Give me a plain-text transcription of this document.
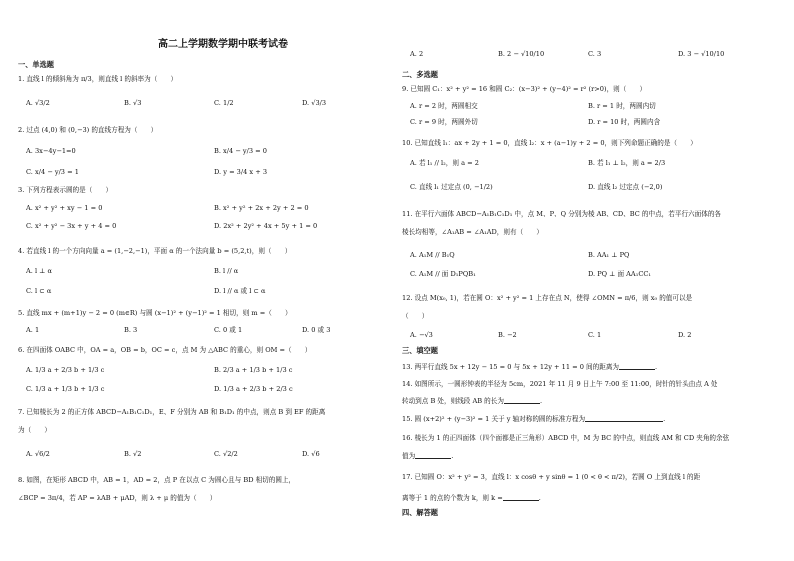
高二上学期数学期中联考试卷
一、单选题
1. 直线 l 的倾斜角为 π/3，则直线 l 的斜率为（　　）
A. √3/2	B. √3	C. 1/2	D. √3/3
2. 过点 (4,0) 和 (0,−3) 的直线方程为（　　）
A. 3x−4y−1=0	B. x/4 − y/3 = 0
C. x/4 − y/3 = 1	D. y = 3/4 x + 3
3. 下列方程表示圆的是（　　）
A. x² + y² + xy − 1 = 0	B. x² + y² + 2x + 2y + 2 = 0
C. x² + y² − 3x + y + 4 = 0	D. 2x² + 2y² + 4x + 5y + 1 = 0
4. 若直线 l 的一个方向向量 a = (1,−2,−1)，平面 α 的一个法向量 b = (5,2,t)，则（　　）
A. l ⊥ α	B. l // α
C. l ⊂ α	D. l // α 或 l ⊂ α
5. 直线 mx + (m+1)y − 2 = 0 (m∈R) 与圆 (x−1)² + (y−1)² = 1 相切，则 m =（　　）
A. 1	B. 3	C. 0 或 1	D. 0 或 3
6. 在四面体 OABC 中，OA = a，OB = b，OC = c，点 M 为 △ABC 的重心，则 OM =（　　）
A. 1/3 a + 2/3 b + 1/3 c	B. 2/3 a + 1/3 b + 1/3 c
C. 1/3 a + 1/3 b + 1/3 c	D. 1/3 a + 2/3 b + 2/3 c
7. 已知棱长为 2 的正方体 ABCD−A₁B₁C₁D₁，E、F 分别为 AB 和 B₁D₁ 的中点，则点 B 到 EF 的距离
为（　　）
A. √6/2	B. √2	C. √2/2	D. √6
8. 如图，在矩形 ABCD 中，AB = 1，AD = 2，点 P 在以点 C 为圆心且与 BD 相切的圆上，
∠BCP = 3π/4，若 AP = λAB + μAD，则 λ + μ 的值为（　　）
A. 2	B. 2 − √10/10	C. 3	D. 3 − √10/10
二、多选题
9. 已知圆 C₁：x² + y² = 16 和圆 C₂：(x−3)² + (y−4)² = r² (r>0)，则（　　）
A. r = 2 时，两圆相交	B. r = 1 时，两圆内切
C. r = 9 时，两圆外切	D. r = 10 时，两圆内含
10. 已知直线 l₁：ax + 2y + 1 = 0，直线 l₂：x + (a−1)y + 2 = 0，则下列命题正确的是（　　）
A. 若 l₁ // l₂，则 a = 2	B. 若 l₁ ⊥ l₂，则 a = 2/3
C. 直线 l₁ 过定点 (0, −1/2)	D. 直线 l₂ 过定点 (−2,0)
11. 在平行六面体 ABCD−A₁B₁C₁D₁ 中，点 M、P、Q 分别为棱 AB、CD、BC 的中点，若平行六面体的各
棱长均相等，∠A₁AB = ∠A₁AD，则有（　　）
A. A₁M // B₁Q	B. AA₁ ⊥ PQ
C. A₁M // 面 D₁PQB₁	D. PQ ⊥ 面 AA₁CC₁
12. 设点 M(x₀, 1)，若在圆 O：x² + y² = 1 上存在点 N，使得 ∠OMN = π/6，则 x₀ 的值可以是
（　　）
A. −√3	B. −2	C. 1	D. 2
三、填空题
13. 两平行直线 5x + 12y − 15 = 0 与 5x + 12y + 11 = 0 间的距离为	.
14. 如图所示，一圆形钟表的半径为 5cm，2021 年 11 月 9 日上午 7:00 至 11:00，时针的针头由点 A 处
转动到点 B 处，则线段 AB 的长为	.
15. 圆 (x+2)² + (y−3)² = 1 关于 y 轴对称的圆的标准方程为	.
16. 棱长为 1 的正四面体（四个面都是正三角形）ABCD 中，M 为 BC 的中点，则直线 AM 和 CD 夹角的余弦
值为	.
17. 已知圆 O：x² + y² = 3，直线 l：x cosθ + y sinθ = 1 (0 < θ < π/2)，若圆 O 上到直线 l 的距
离等于 1 的点的个数为 k，则 k =	.
四、解答题
